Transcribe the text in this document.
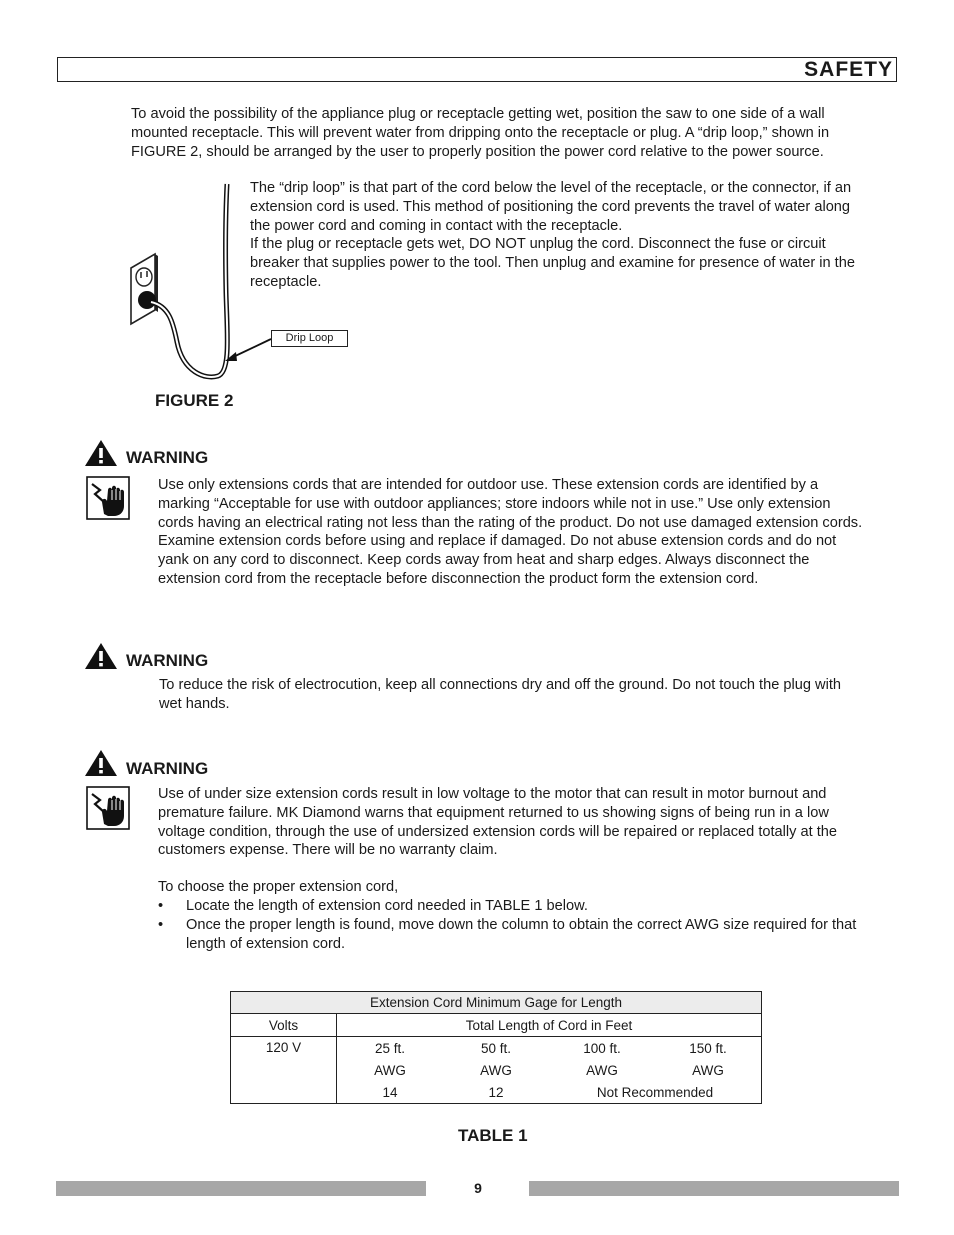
SAFETY

To avoid the possibility of the appliance plug or receptacle getting wet, position the saw to one side of a wall mounted receptacle. This will prevent water from dripping onto the receptacle or plug. A “drip loop,” shown in FIGURE 2, should be arranged by the user to properly position the power cord relative to the power source.

Drip Loop

The “drip loop” is that part of the cord below the level of the receptacle, or the connector, if an extension cord is used. This method of positioning the cord prevents the travel of water along the power cord and coming in contact with the receptacle.

If the plug or receptacle gets wet, DO NOT unplug the cord. Disconnect the fuse or circuit breaker that supplies power to the tool. Then unplug and examine for presence of water in the receptacle.

FIGURE 2
WARNING

Use only extensions cords that are intended for outdoor use. These extension cords are identified by a marking “Acceptable for use with outdoor appliances; store indoors while not in use.” Use only extension cords having an electrical rating not less than the rating of the product. Do not use damaged extension cords. Examine extension cords before using and replace if damaged. Do not abuse extension cords and do not yank on any cord to disconnect. Keep cords away from heat and sharp edges. Always disconnect the extension cord from the receptacle before disconnection the product form the extension cord.

WARNING

To reduce the risk of electrocution, keep all connections dry and off the ground. Do not touch the plug with wet hands.

WARNING

Use of under size extension cords result in low voltage to the motor that can result in motor burnout and premature failure. MK Diamond warns that equipment returned to us showing signs of being run in a low voltage condition, through the use of undersized extension cords will be repaired or replaced totally at the customers expense. There will be no warranty claim.

To choose the proper extension cord,

•	Locate the length of extension cord needed in TABLE 1 below.
•	Once the proper length is found, move down the column to obtain the correct AWG size required for that length of extension cord.
Extension Cord Minimum Gage for Length				
Volts	Total Length of Cord in Feet			
120 V	25 ft.	50 ft.	100 ft.	150 ft.
	AWG	AWG	AWG	AWG
	14	12	Not Recommended	
TABLE 1
9
